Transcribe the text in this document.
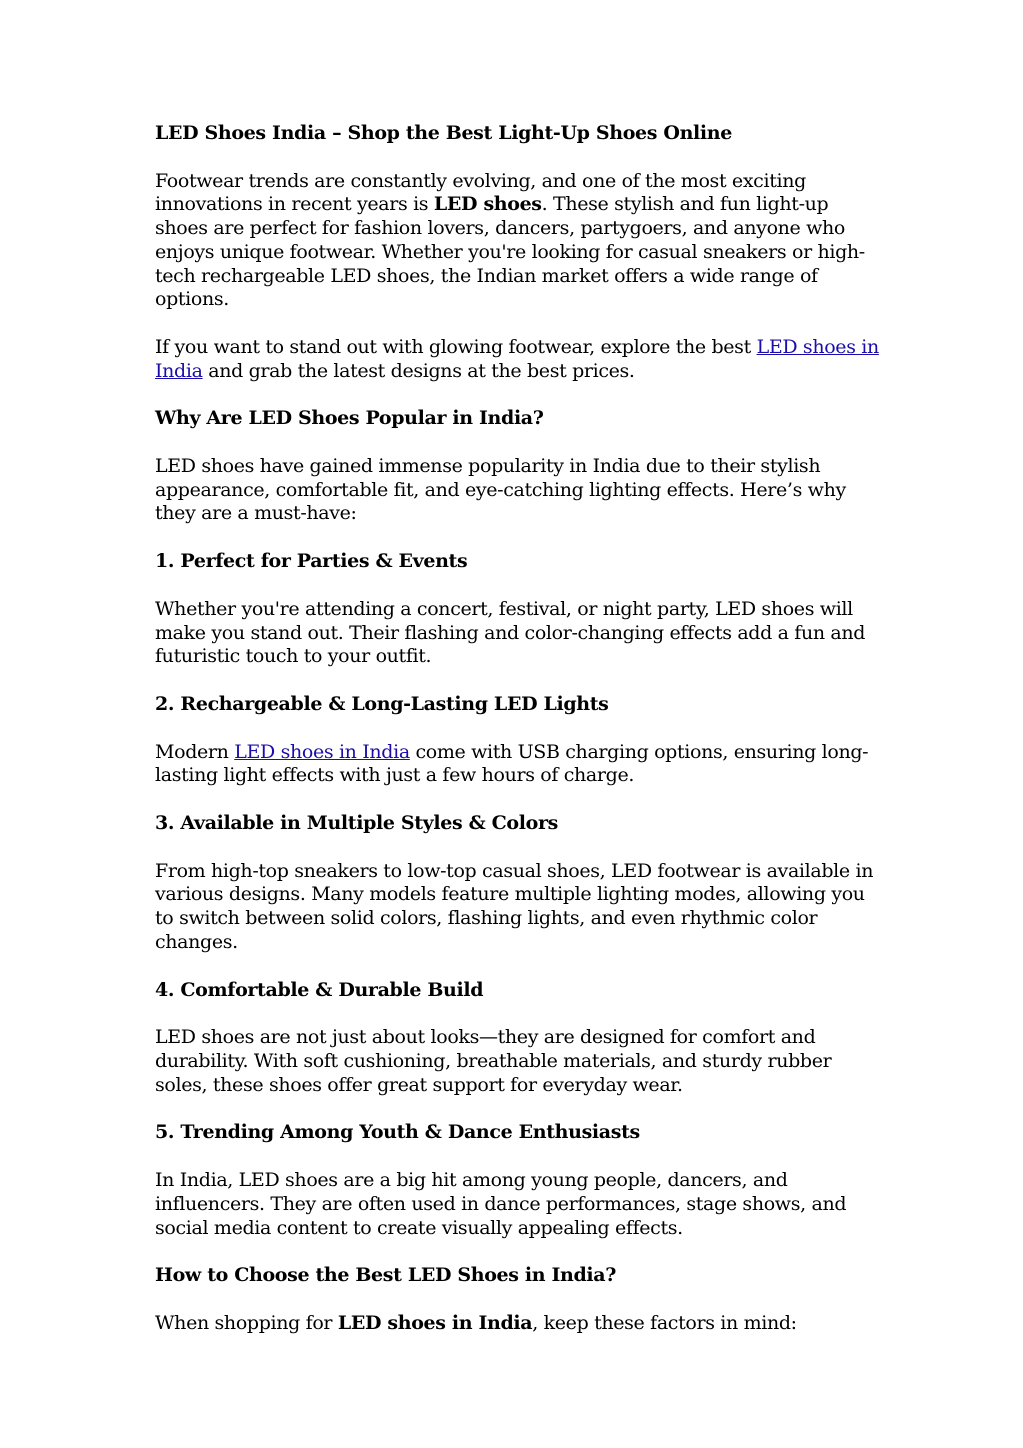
LED Shoes India – Shop the Best Light-Up Shoes Online

Footwear trends are constantly evolving, and one of the most exciting innovations in recent years is LED shoes. These stylish and fun light-up shoes are perfect for fashion lovers, dancers, partygoers, and anyone who enjoys unique footwear. Whether you're looking for casual sneakers or high-tech rechargeable LED shoes, the Indian market offers a wide range of options.

If you want to stand out with glowing footwear, explore the best LED shoes in India and grab the latest designs at the best prices.

Why Are LED Shoes Popular in India?

LED shoes have gained immense popularity in India due to their stylish appearance, comfortable fit, and eye-catching lighting effects. Here’s why they are a must-have:

1. Perfect for Parties & Events

Whether you're attending a concert, festival, or night party, LED shoes will make you stand out. Their flashing and color-changing effects add a fun and futuristic touch to your outfit.

2. Rechargeable & Long-Lasting LED Lights

Modern LED shoes in India come with USB charging options, ensuring long-lasting light effects with just a few hours of charge.

3. Available in Multiple Styles & Colors

From high-top sneakers to low-top casual shoes, LED footwear is available in various designs. Many models feature multiple lighting modes, allowing you to switch between solid colors, flashing lights, and even rhythmic color changes.

4. Comfortable & Durable Build

LED shoes are not just about looks—they are designed for comfort and durability. With soft cushioning, breathable materials, and sturdy rubber soles, these shoes offer great support for everyday wear.

5. Trending Among Youth & Dance Enthusiasts

In India, LED shoes are a big hit among young people, dancers, and influencers. They are often used in dance performances, stage shows, and social media content to create visually appealing effects.

How to Choose the Best LED Shoes in India?

When shopping for LED shoes in India, keep these factors in mind:
